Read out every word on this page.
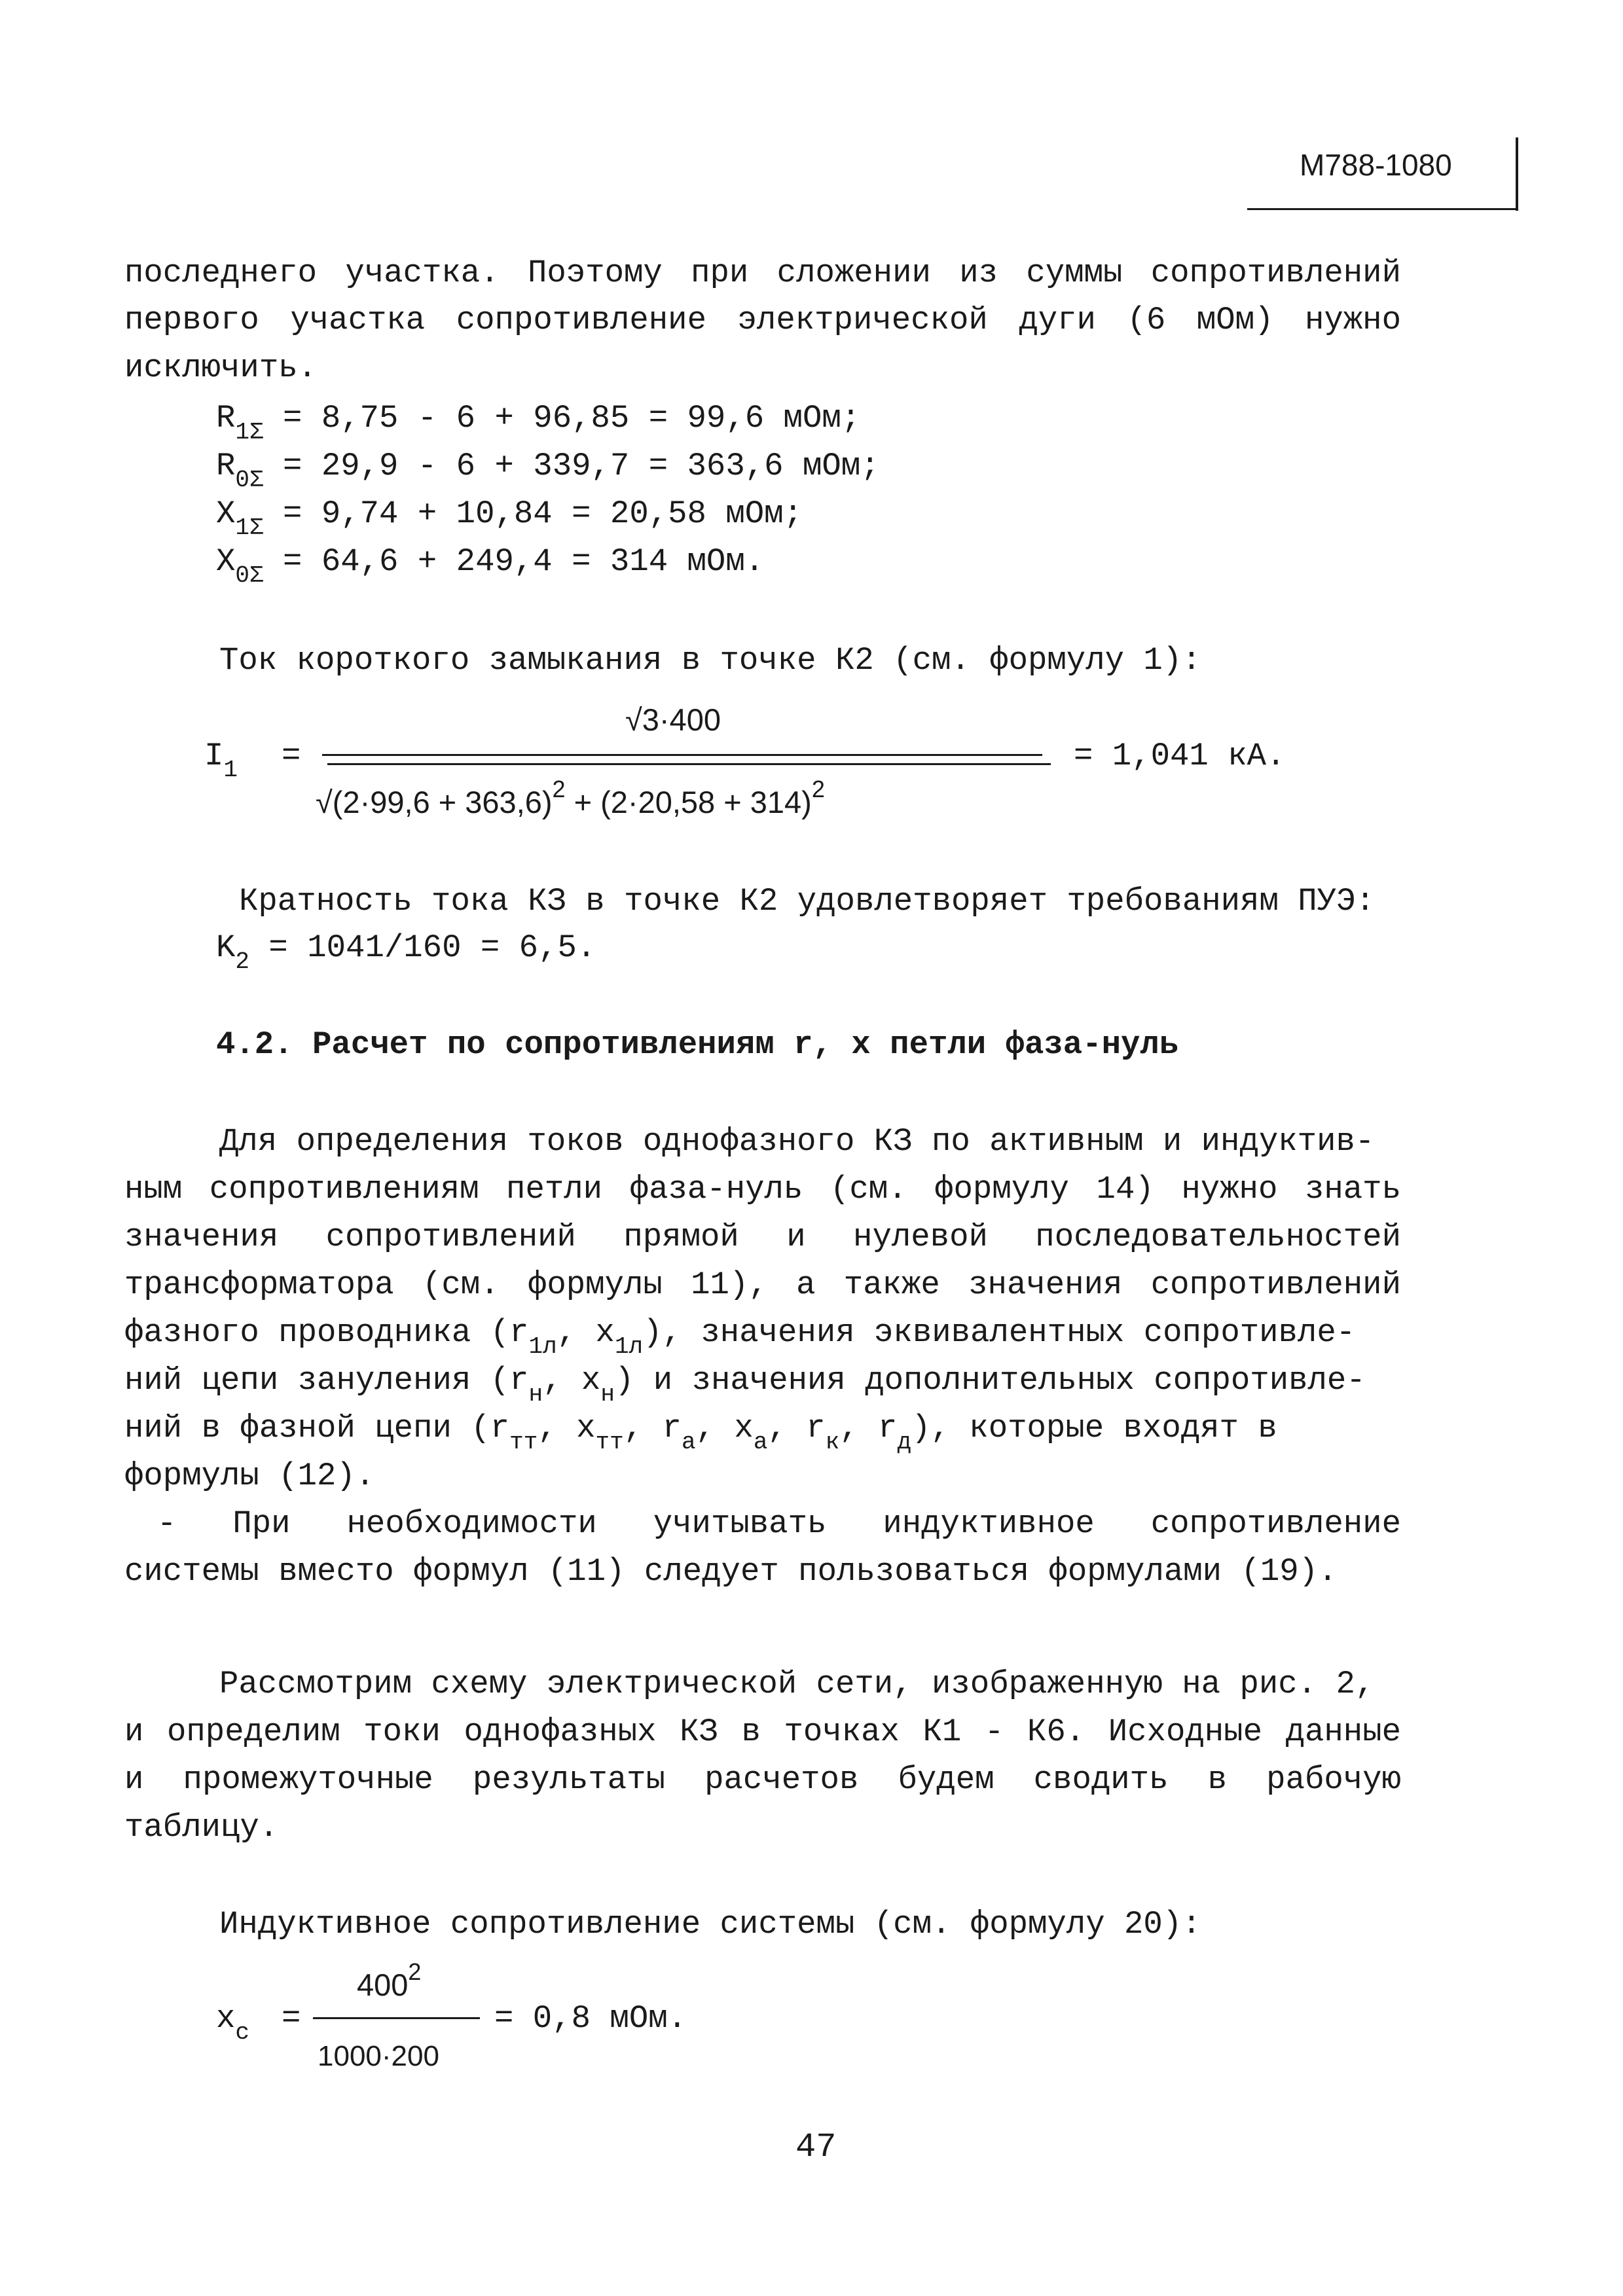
М788-1080
последнего участка. Поэтому при сложении из суммы сопротивлений
первого участка сопротивление электрической дуги (6 мОм) нужно
исключить.
$R_{1\Sigma} = 8,75 - 6 + 96,85 = 99,6$ мОм;
$R_{0\Sigma} = 29,9 - 6 + 339,7 = 363,6$ мОм;
$X_{1\Sigma} = 9,74 + 10,84 = 20,58$ мОм;
$X_{0\Sigma} = 64,6 + 249,4 = 314$ мОм.
Ток короткого замыкания в точке К2 (см. формулу 1):
√3·400
$I_1$ =
$√(2\cdot 99,6 + 363,6)^2 + (2\cdot 20,58 + 314)^2$
= 1,041 кА.
Кратность тока КЗ в точке К2 удовлетворяет требованиям ПУЭ:
$K_2 = 1041/160 = 6,5$.
4.2. Расчет по сопротивлениям r, x петли фаза-нуль
Для определения токов однофазного КЗ по активным и индуктив-
ным сопротивлениям петли фаза-нуль (см. формулу 14) нужно знать
значения сопротивлений прямой и нулевой последовательностей
трансформатора (см. формулы 11), а также значения сопротивлений
фазного проводника ($r_{1л}$, $x_{1л}$), значения эквивалентных сопротивле-
ний цепи зануления ($r_н$, $x_н$) и значения дополнительных сопротивле-
ний в фазной цепи ($r_{тт}$, $x_{тт}$, $r_а$, $x_а$, $r_к$, $r_д$), которые входят в
формулы (12).
- При необходимости учитывать индуктивное сопротивление
системы вместо формул (11) следует пользоваться формулами (19).
Рассмотрим схему электрической сети, изображенную на рис. 2,
и определим токи однофазных КЗ в точках К1 - К6. Исходные данные
и промежуточные результаты расчетов будем сводить в рабочую
таблицу.
Индуктивное сопротивление системы (см. формулу 20):
$400^2$
$x_c$ =
1000·200
= 0,8 мОм.
47
